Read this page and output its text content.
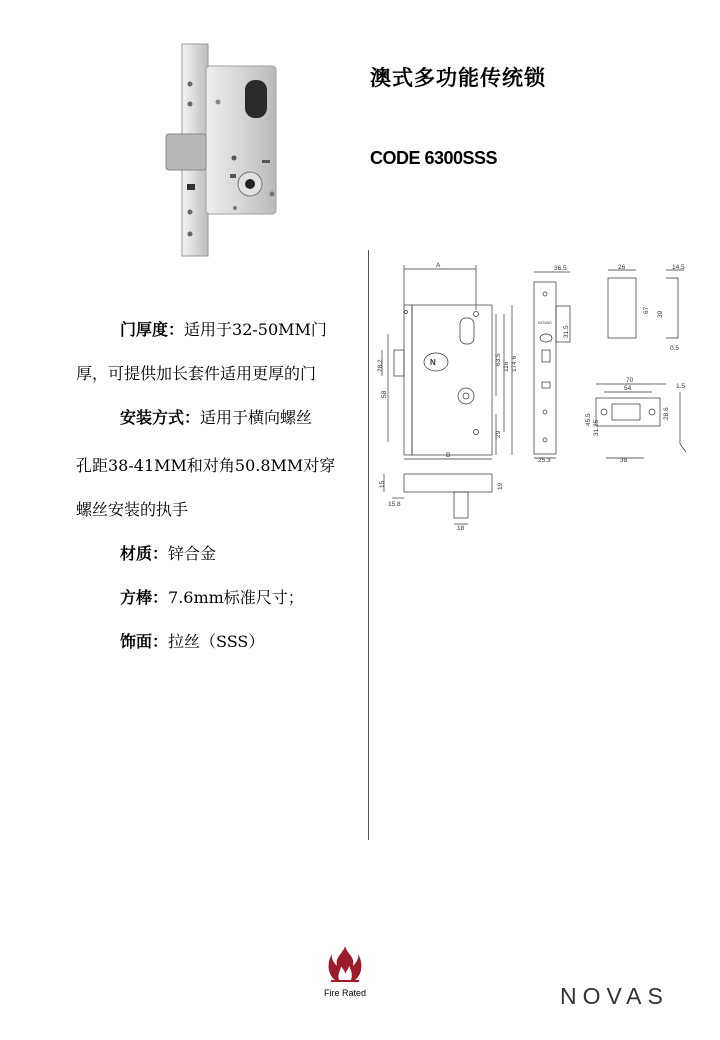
澳式多功能传统锁
CODE 6300SSS
N
A
B
28.2
58
63.5
116 174.6
29
NOVAS
36.5
31.5
25.3
26
67
14.5
39
0.5
70
54
28.6
1.5
38
45.5
31.25
15
15.8
19
18
门厚度：适用于32-50MM门
厚，可提供加长套件适用更厚的门
安装方式：适用于横向螺丝
孔距38-41MM和对角50.8MM对穿
螺丝安装的执手
材质：锌合金
方棒：7.6mm标准尺寸；
饰面：拉丝（SSS）
Fire Rated	NOVAS
